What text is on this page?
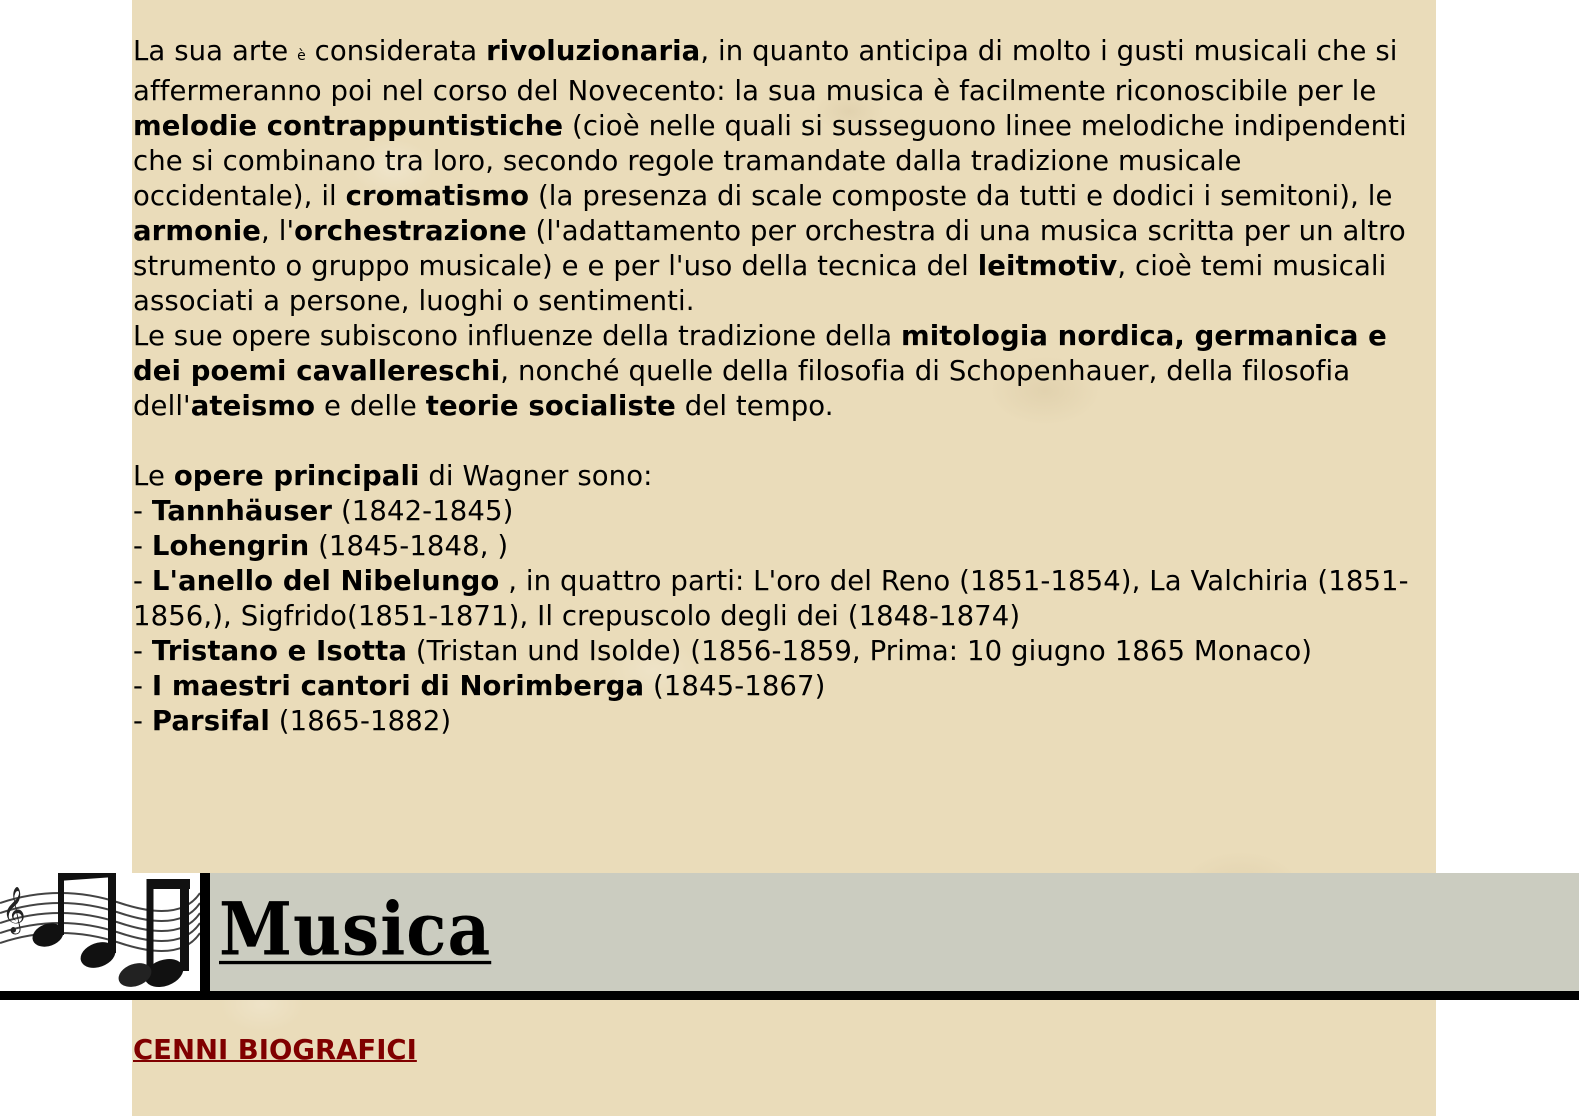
La sua arte è considerata rivoluzionaria, in quanto anticipa di molto i gusti musicali che si affermeranno poi nel corso del Novecento: la sua musica è facilmente riconoscibile per le melodie contrappuntistiche (cioè nelle quali si susseguono linee melodiche indipendenti che si combinano tra loro, secondo regole tramandate dalla tradizione musicale occidentale), il cromatismo (la presenza di scale composte da tutti e dodici i semitoni), le armonie, l'orchestrazione (l'adattamento per orchestra di una musica scritta per un altro strumento o gruppo musicale) e e per l'uso della tecnica del leitmotiv, cioè temi musicali associati a persone, luoghi o sentimenti.

Le sue opere subiscono influenze della tradizione della mitologia nordica, germanica e dei poemi cavallereschi, nonché quelle della filosofia di Schopenhauer, della filosofia dell'ateismo e delle teorie socialiste del tempo.

Le opere principali di Wagner sono:

- Tannhäuser (1842-1845)

- Lohengrin (1845-1848, )

- L'anello del Nibelungo , in quattro parti: L'oro del Reno (1851-1854), La Valchiria (1851-1856,), Sigfrido(1851-1871), Il crepuscolo degli dei (1848-1874)

- Tristano e Isotta (Tristan und Isolde) (1856-1859, Prima: 10 giugno 1865 Monaco)

- I maestri cantori di Norimberga (1845-1867)

- Parsifal (1865-1882)

𝄞	Musica
CENNI BIOGRAFICI
